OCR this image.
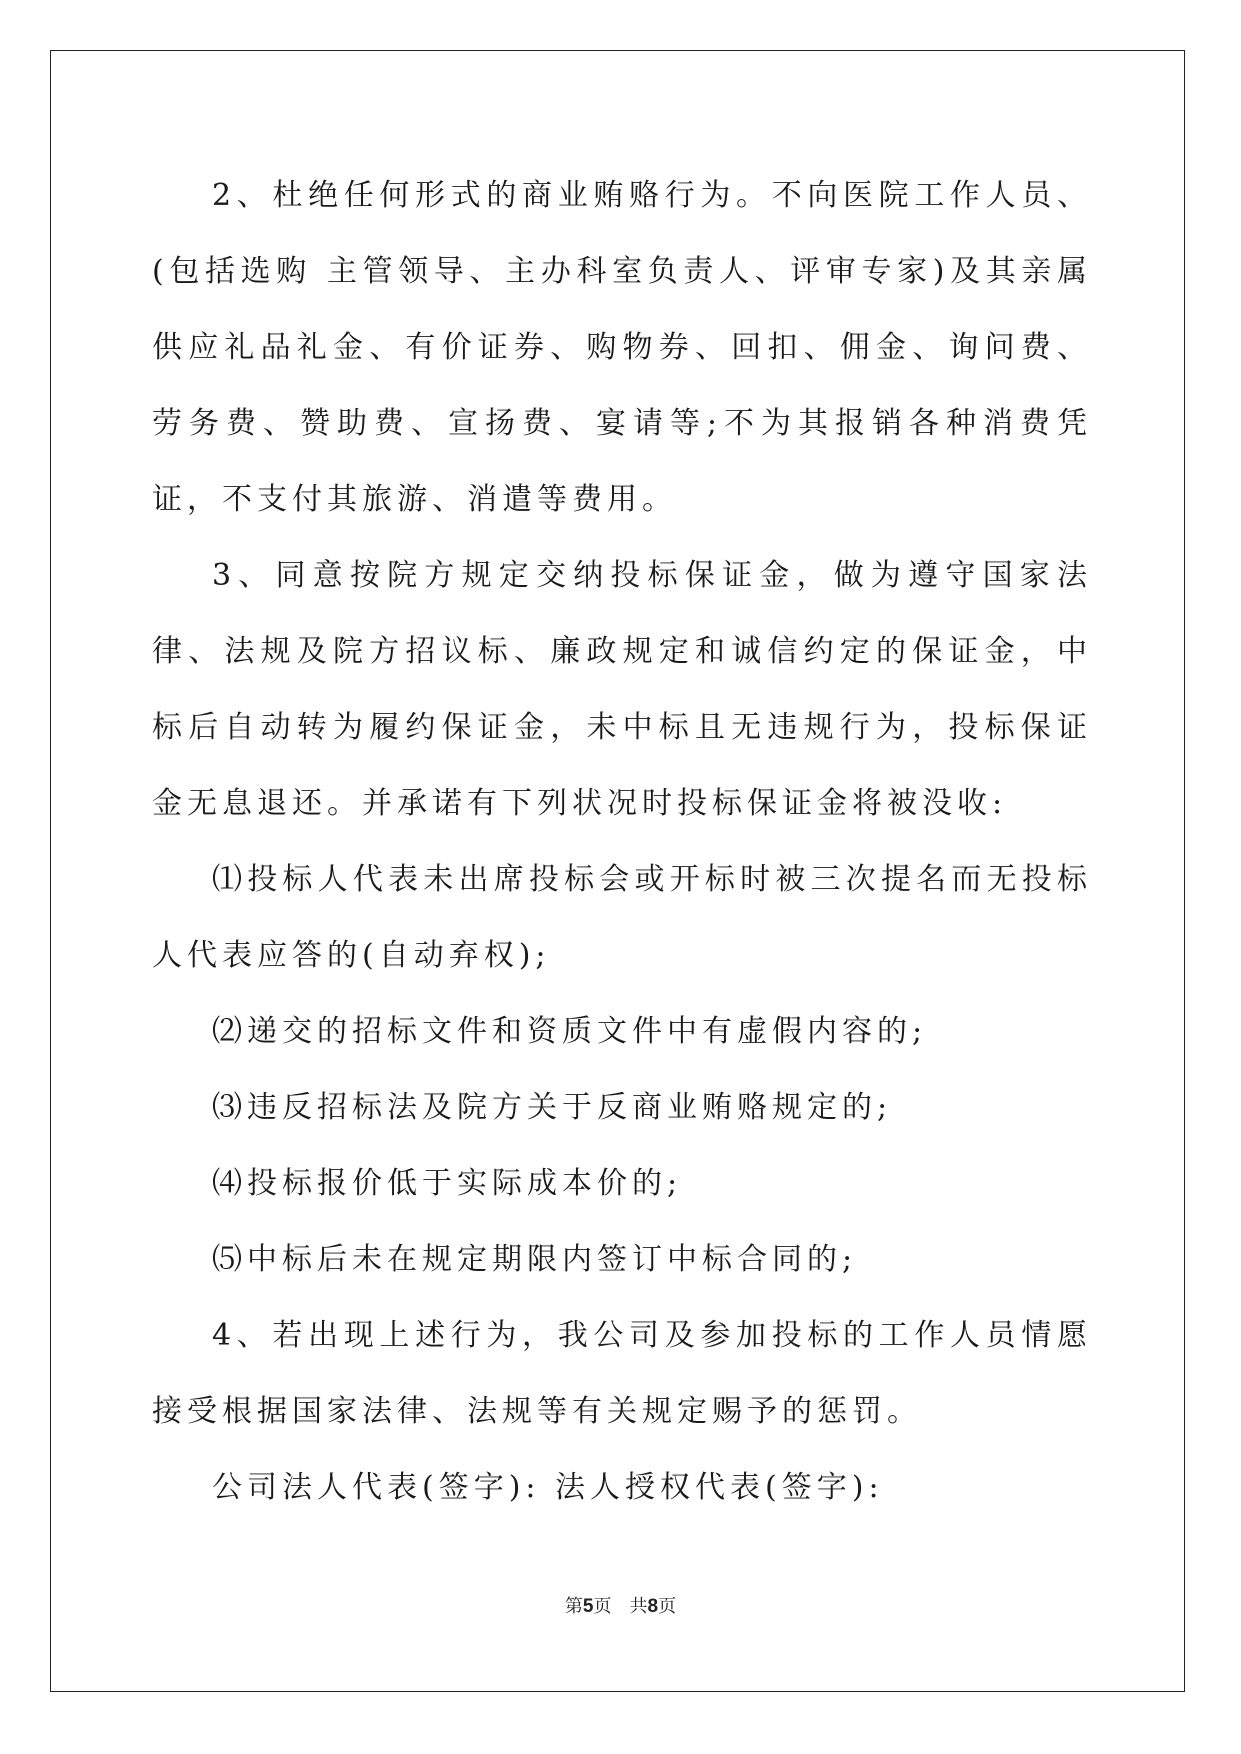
2、杜绝任何形式的商业贿赂行为。不向医院工作人员、(包括选购 主管领导、主办科室负责人、评审专家)及其亲属供应礼品礼金、有价证券、购物券、回扣、佣金、询问费、劳务费、赞助费、宣扬费、宴请等;不为其报销各种消费凭证，不支付其旅游、消遣等费用。

3、同意按院方规定交纳投标保证金，做为遵守国家法律、法规及院方招议标、廉政规定和诚信约定的保证金，中标后自动转为履约保证金，未中标且无违规行为，投标保证金无息退还。并承诺有下列状况时投标保证金将被没收:

⑴投标人代表未出席投标会或开标时被三次提名而无投标人代表应答的(自动弃权);

⑵递交的招标文件和资质文件中有虚假内容的;

⑶违反招标法及院方关于反商业贿赂规定的;

⑷投标报价低于实际成本价的;

⑸中标后未在规定期限内签订中标合同的;

4、若出现上述行为，我公司及参加投标的工作人员情愿接受根据国家法律、法规等有关规定赐予的惩罚。

公司法人代表(签字): 法人授权代表(签字):

第5页 共8页
